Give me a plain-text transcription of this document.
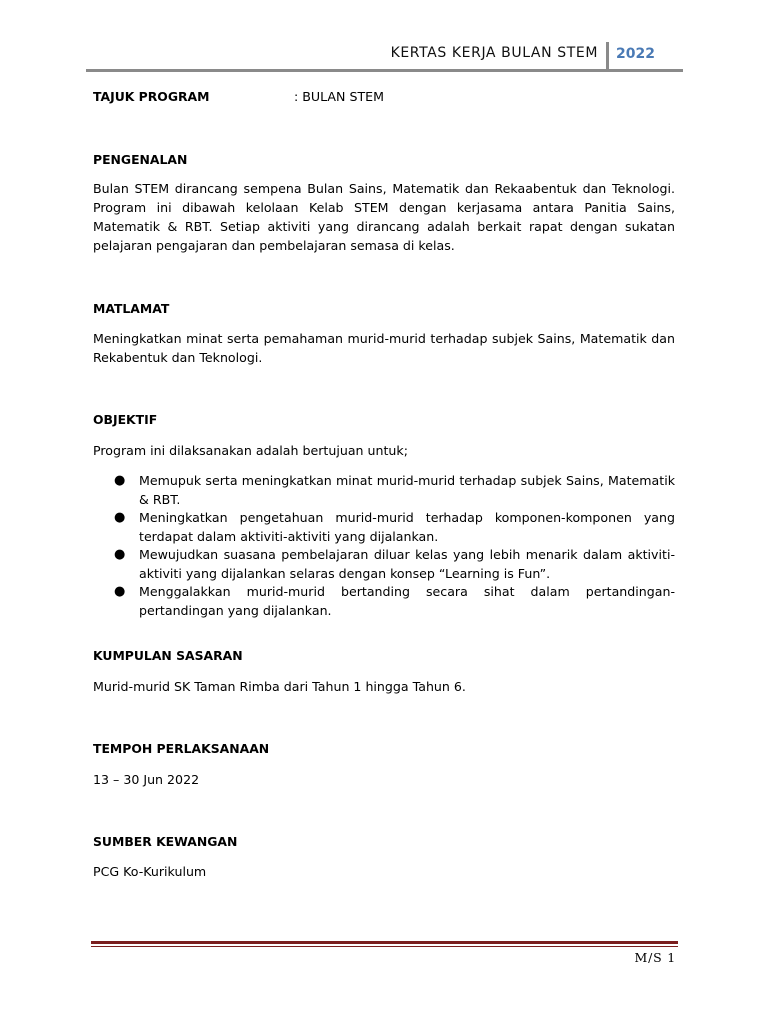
KERTAS KERJA BULAN STEM 2022
TAJUK PROGRAM	: BULAN STEM
PENGENALAN
Bulan STEM dirancang sempena Bulan Sains, Matematik dan Rekaabentuk dan Teknologi. Program ini dibawah kelolaan Kelab STEM dengan kerjasama antara Panitia Sains, Matematik & RBT. Setiap aktiviti yang dirancang adalah berkait rapat dengan sukatan pelajaran pengajaran dan pembelajaran semasa di kelas.
MATLAMAT
Meningkatkan minat serta pemahaman murid-murid terhadap subjek Sains, Matematik dan Rekabentuk dan Teknologi.
OBJEKTIF
Program ini dilaksanakan adalah bertujuan untuk;
● Memupuk serta meningkatkan minat murid-murid terhadap subjek Sains, Matematik & RBT.
● Meningkatkan pengetahuan murid-murid terhadap komponen-komponen yang terdapat dalam aktiviti-aktiviti yang dijalankan.
● Mewujudkan suasana pembelajaran diluar kelas yang lebih menarik dalam aktiviti-aktiviti yang dijalankan selaras dengan konsep “Learning is Fun”.
● Menggalakkan murid-murid bertanding secara sihat dalam pertandingan-pertandingan yang dijalankan.
KUMPULAN SASARAN
Murid-murid SK Taman Rimba dari Tahun 1 hingga Tahun 6.
TEMPOH PERLAKSANAAN
13 – 30 Jun 2022
SUMBER KEWANGAN
PCG Ko-Kurikulum
M/S 1
